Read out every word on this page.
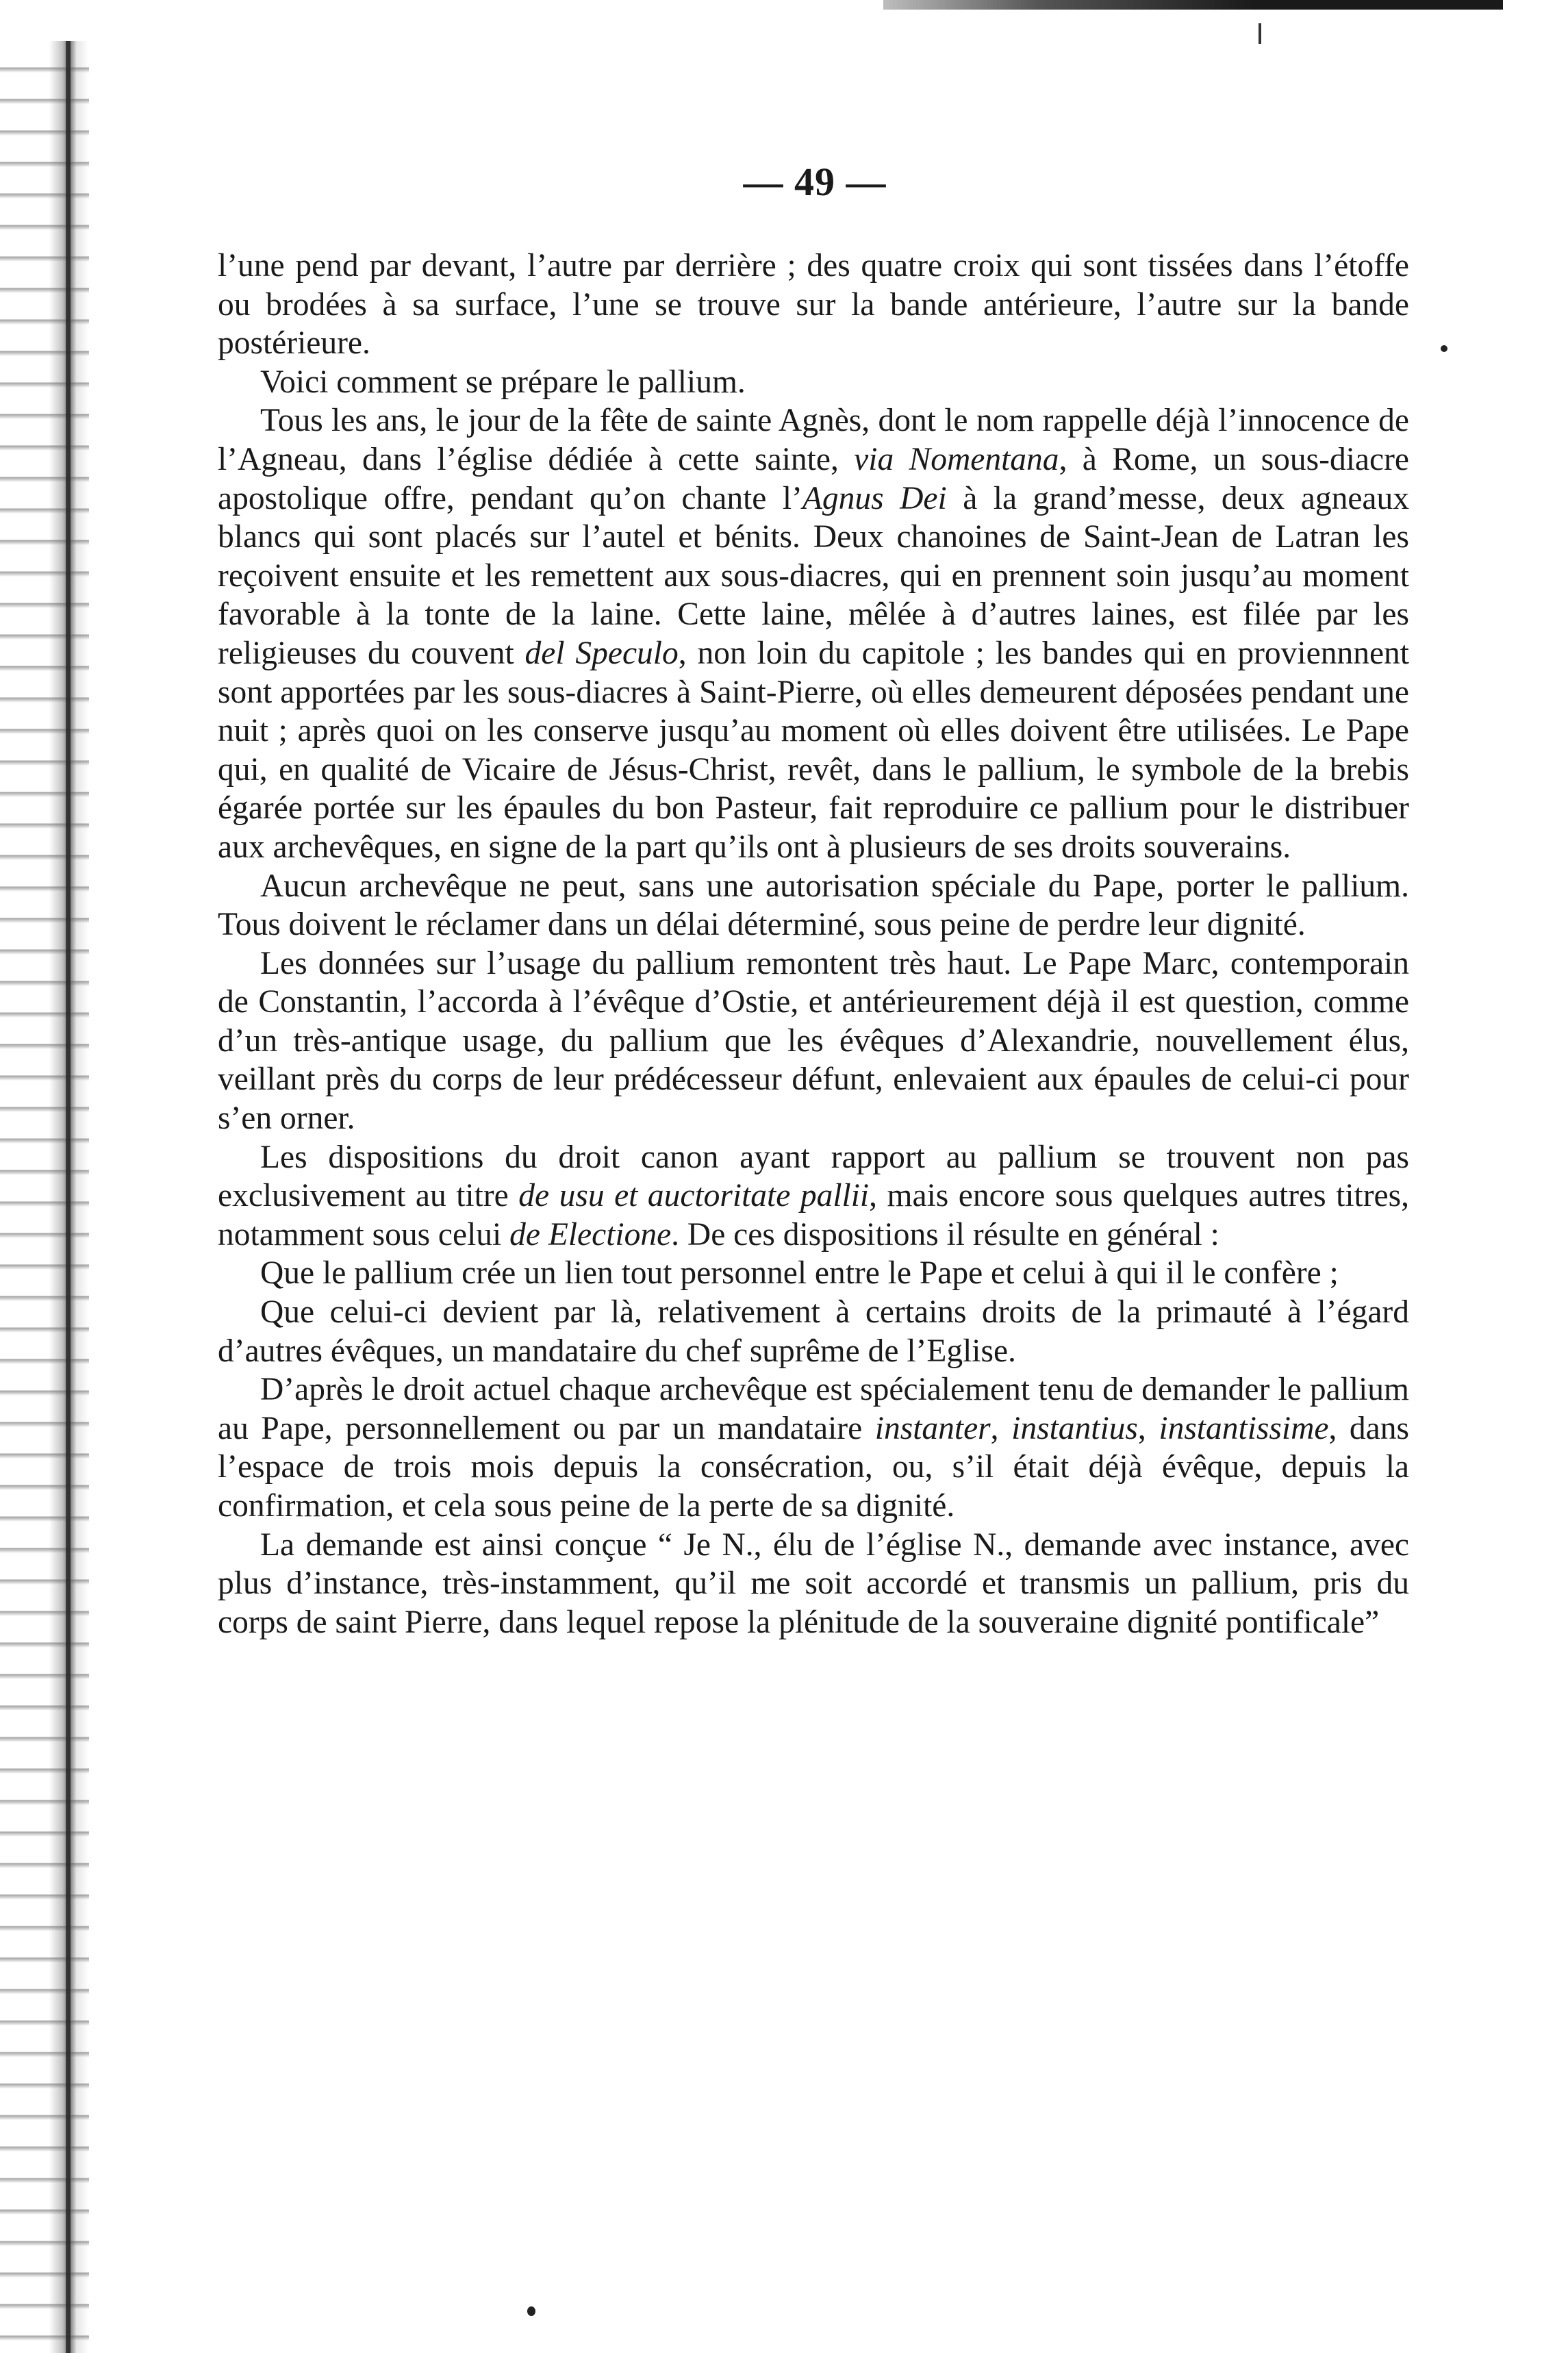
— 49 —

l’une pend par devant, l’autre par derrière ; des quatre croix qui sont tissées dans l’étoffe ou brodées à sa surface, l’une se trouve sur la bande antérieure, l’autre sur la bande postérieure.

Voici comment se prépare le pallium.

Tous les ans, le jour de la fête de sainte Agnès, dont le nom rappelle déjà l’innocence de l’Agneau, dans l’église dédiée à cette sainte, via Nomentana, à Rome, un sous-diacre apostolique offre, pendant qu’on chante l’Agnus Dei à la grand’messe, deux agneaux blancs qui sont placés sur l’autel et bénits. Deux chanoines de Saint-Jean de Latran les reçoivent ensuite et les remettent aux sous-diacres, qui en prennent soin jusqu’au moment favorable à la tonte de la laine. Cette laine, mêlée à d’autres laines, est filée par les religieuses du couvent del Speculo, non loin du capitole ; les bandes qui en proviennnent sont apportées par les sous-diacres à Saint-Pierre, où elles demeurent déposées pendant une nuit ; après quoi on les conserve jusqu’au moment où elles doivent être utilisées. Le Pape qui, en qualité de Vicaire de Jésus-Christ, revêt, dans le pallium, le symbole de la brebis égarée portée sur les épaules du bon Pasteur, fait reproduire ce pallium pour le distribuer aux archevêques, en signe de la part qu’ils ont à plusieurs de ses droits souverains.

Aucun archevêque ne peut, sans une autorisation spéciale du Pape, porter le pallium. Tous doivent le réclamer dans un délai déterminé, sous peine de perdre leur dignité.

Les données sur l’usage du pallium remontent très haut. Le Pape Marc, contemporain de Constantin, l’accorda à l’évêque d’Ostie, et antérieurement déjà il est question, comme d’un très-antique usage, du pallium que les évêques d’Alexandrie, nouvellement élus, veillant près du corps de leur prédécesseur défunt, enlevaient aux épaules de celui-ci pour s’en orner.

Les dispositions du droit canon ayant rapport au pallium se trouvent non pas exclusivement au titre de usu et auctoritate pallii, mais encore sous quelques autres titres, notamment sous celui de Electione. De ces dispositions il résulte en général :

Que le pallium crée un lien tout personnel entre le Pape et celui à qui il le confère ;

Que celui-ci devient par là, relativement à certains droits de la primauté à l’égard d’autres évêques, un mandataire du chef suprême de l’Eglise.

D’après le droit actuel chaque archevêque est spécialement tenu de demander le pallium au Pape, personnellement ou par un mandataire instanter, instantius, instantissime, dans l’espace de trois mois depuis la consécration, ou, s’il était déjà évêque, depuis la confirmation, et cela sous peine de la perte de sa dignité.

La demande est ainsi conçue “ Je N., élu de l’église N., demande avec instance, avec plus d’instance, très-instamment, qu’il me soit accordé et transmis un pallium, pris du corps de saint Pierre, dans lequel repose la plénitude de la souveraine dignité pontificale”
